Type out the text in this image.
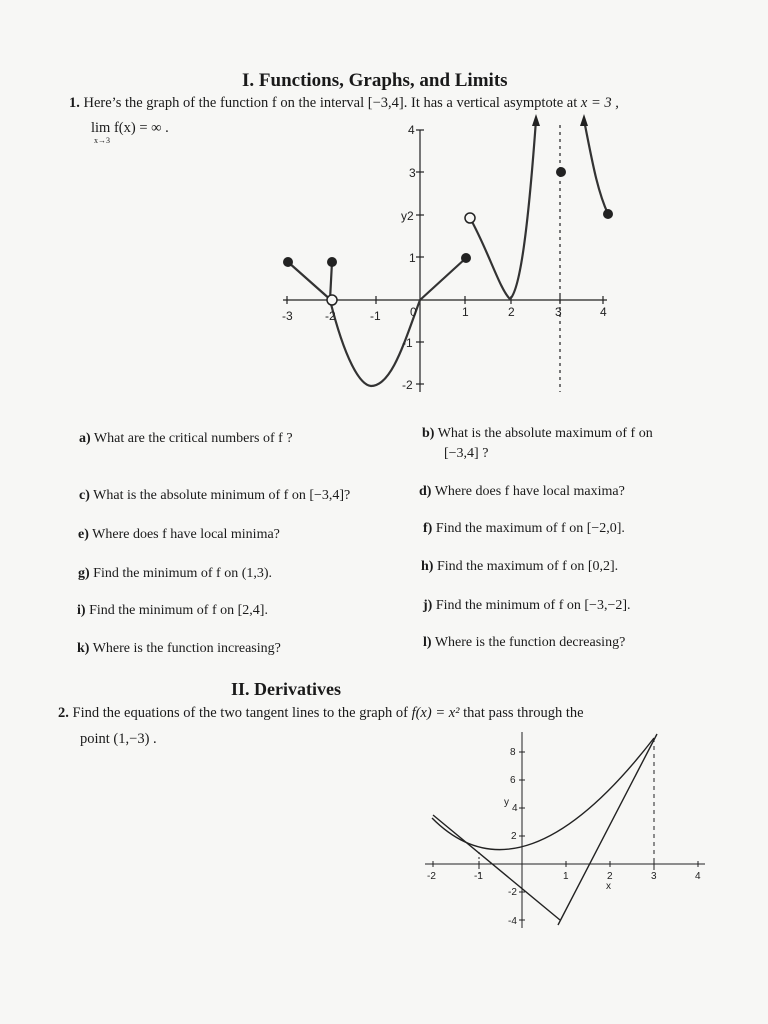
I. Functions, Graphs, and Limits
1. Here’s the graph of the function f on the interval [−3,4]. It has a vertical asymptote at x = 3 ,
lim f(x) = ∞ .
x→3
-3	-2	-1 0	1	2	3	4
4
3
y2
1
-1
-2
a) What are the critical numbers of f ?	b) What is the absolute maximum of f on
[−3,4] ?
c) What is the absolute minimum of f on [−3,4]?	d) Where does f have local maxima?
e) Where does f have local minima?	f) Find the maximum of f on [−2,0].
g) Find the minimum of f on (1,3).	h) Find the maximum of f on [0,2].
i) Find the minimum of f on [2,4].	j) Find the minimum of f on [−3,−2].
k) Where is the function increasing?	l) Where is the function decreasing?
II. Derivatives
2. Find the equations of the two tangent lines to the graph of f(x) = x² that pass through the
point (1,−3) .
8
6
4
2
-2
-4
y
-2	-1	1	2	3	4
x
